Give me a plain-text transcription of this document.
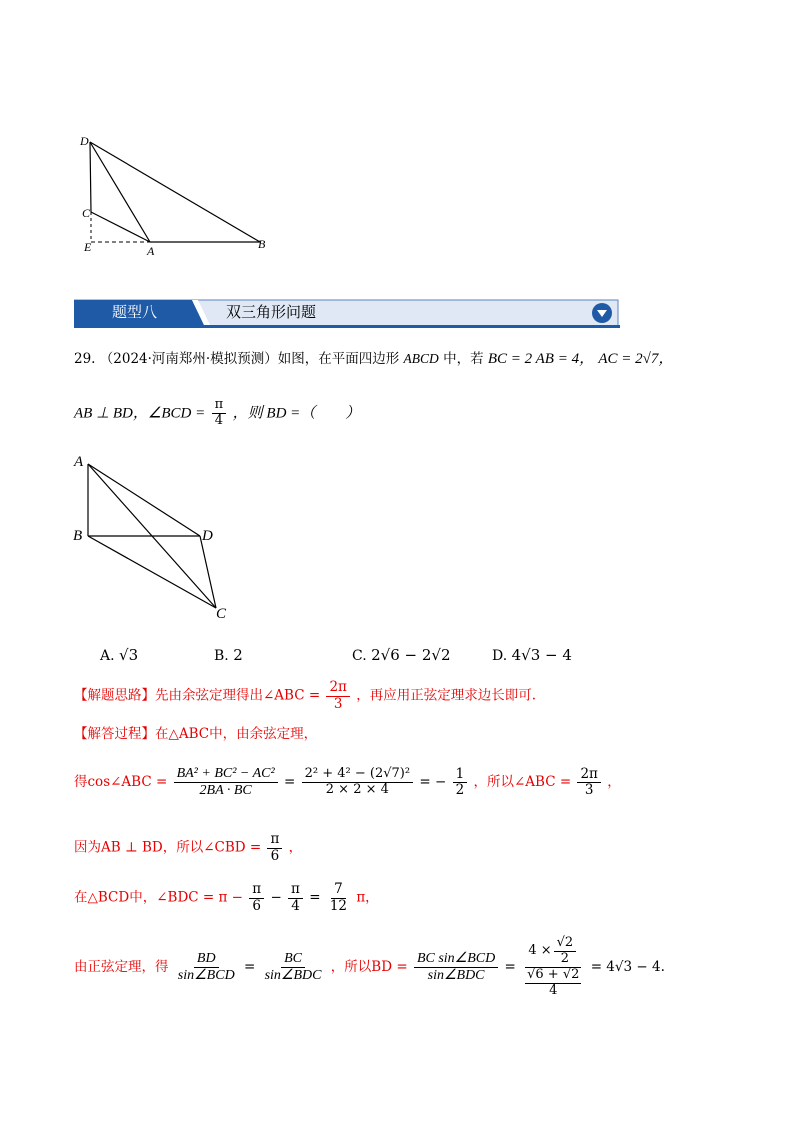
D
C
E	A	B
题型八	双三角形问题
29. （2024·河南郑州·模拟预测）如图，在平面四边形 ABCD 中，若 BC = 2 AB = 4， AC = 2√7，
AB ⊥ BD，∠BCD = $\frac{\pi}{4}$ ，则 BD =（　　）
A
B	D
C
A. √3	B. 2	C. 2√6 − 2√2	D. 4√3 − 4
【解题思路】先由余弦定理得出∠ABC = $\frac{2\pi}{3}$ ，再应用正弦定理求边长即可.
【解答过程】在△ABC中，由余弦定理，
得cos∠ABC = $\frac{\text{BA² + BC² − AC²}}{2BA \cdot BC} = \frac{\text{2² + 4² − (2√7)²}}{2 \times 2 \times 4}$ = − $\frac{1}{2}$ ，所以∠ABC = $\frac{2\pi}{3}$ ，
因为AB ⊥ BD，所以∠CBD = $\frac{\pi}{6}$ ，
在△BCD中，∠BDC = $\pi - \frac{\pi}{6} - \frac{\pi}{4} = \frac{7}{12}$ π，
由正弦定理，得 $\frac{BD}{\text{sin∠BCD}} = \frac{BC}{\text{sin∠BDC}}$ ，所以BD = $\frac{\text{BC sin∠BCD}}{\text{sin∠BDC}} = 4 \times \frac{√2}{2}$
√6 + √2
4 = 4√3 − 4.
